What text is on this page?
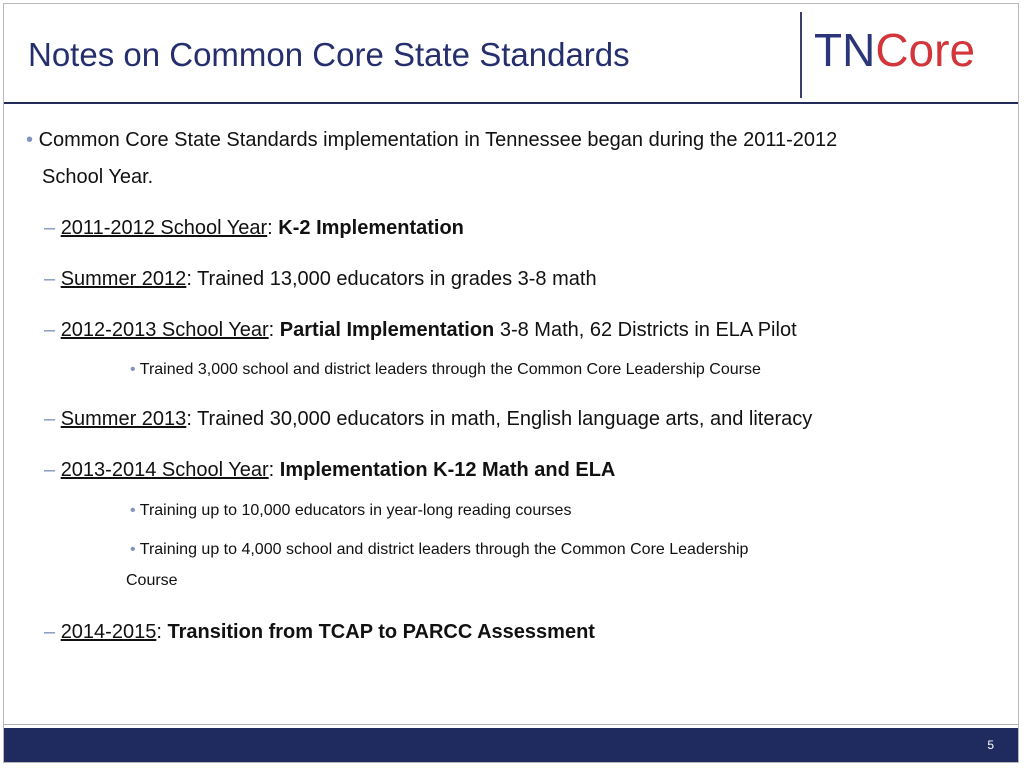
Notes on Common Core State Standards	TNCore
• Common Core State Standards implementation in Tennessee began during the 2011-2012
School Year.
– 2011-2012 School Year: K-2 Implementation
– Summer 2012: Trained 13,000 educators in grades 3-8 math
– 2012-2013 School Year: Partial Implementation 3-8 Math, 62 Districts in ELA Pilot
• Trained 3,000 school and district leaders through the Common Core Leadership Course
– Summer 2013: Trained 30,000 educators in math, English language arts, and literacy
– 2013-2014 School Year: Implementation K-12 Math and ELA
• Training up to 10,000 educators in year-long reading courses
• Training up to 4,000 school and district leaders through the Common Core Leadership
Course
– 2014-2015: Transition from TCAP to PARCC Assessment
5
